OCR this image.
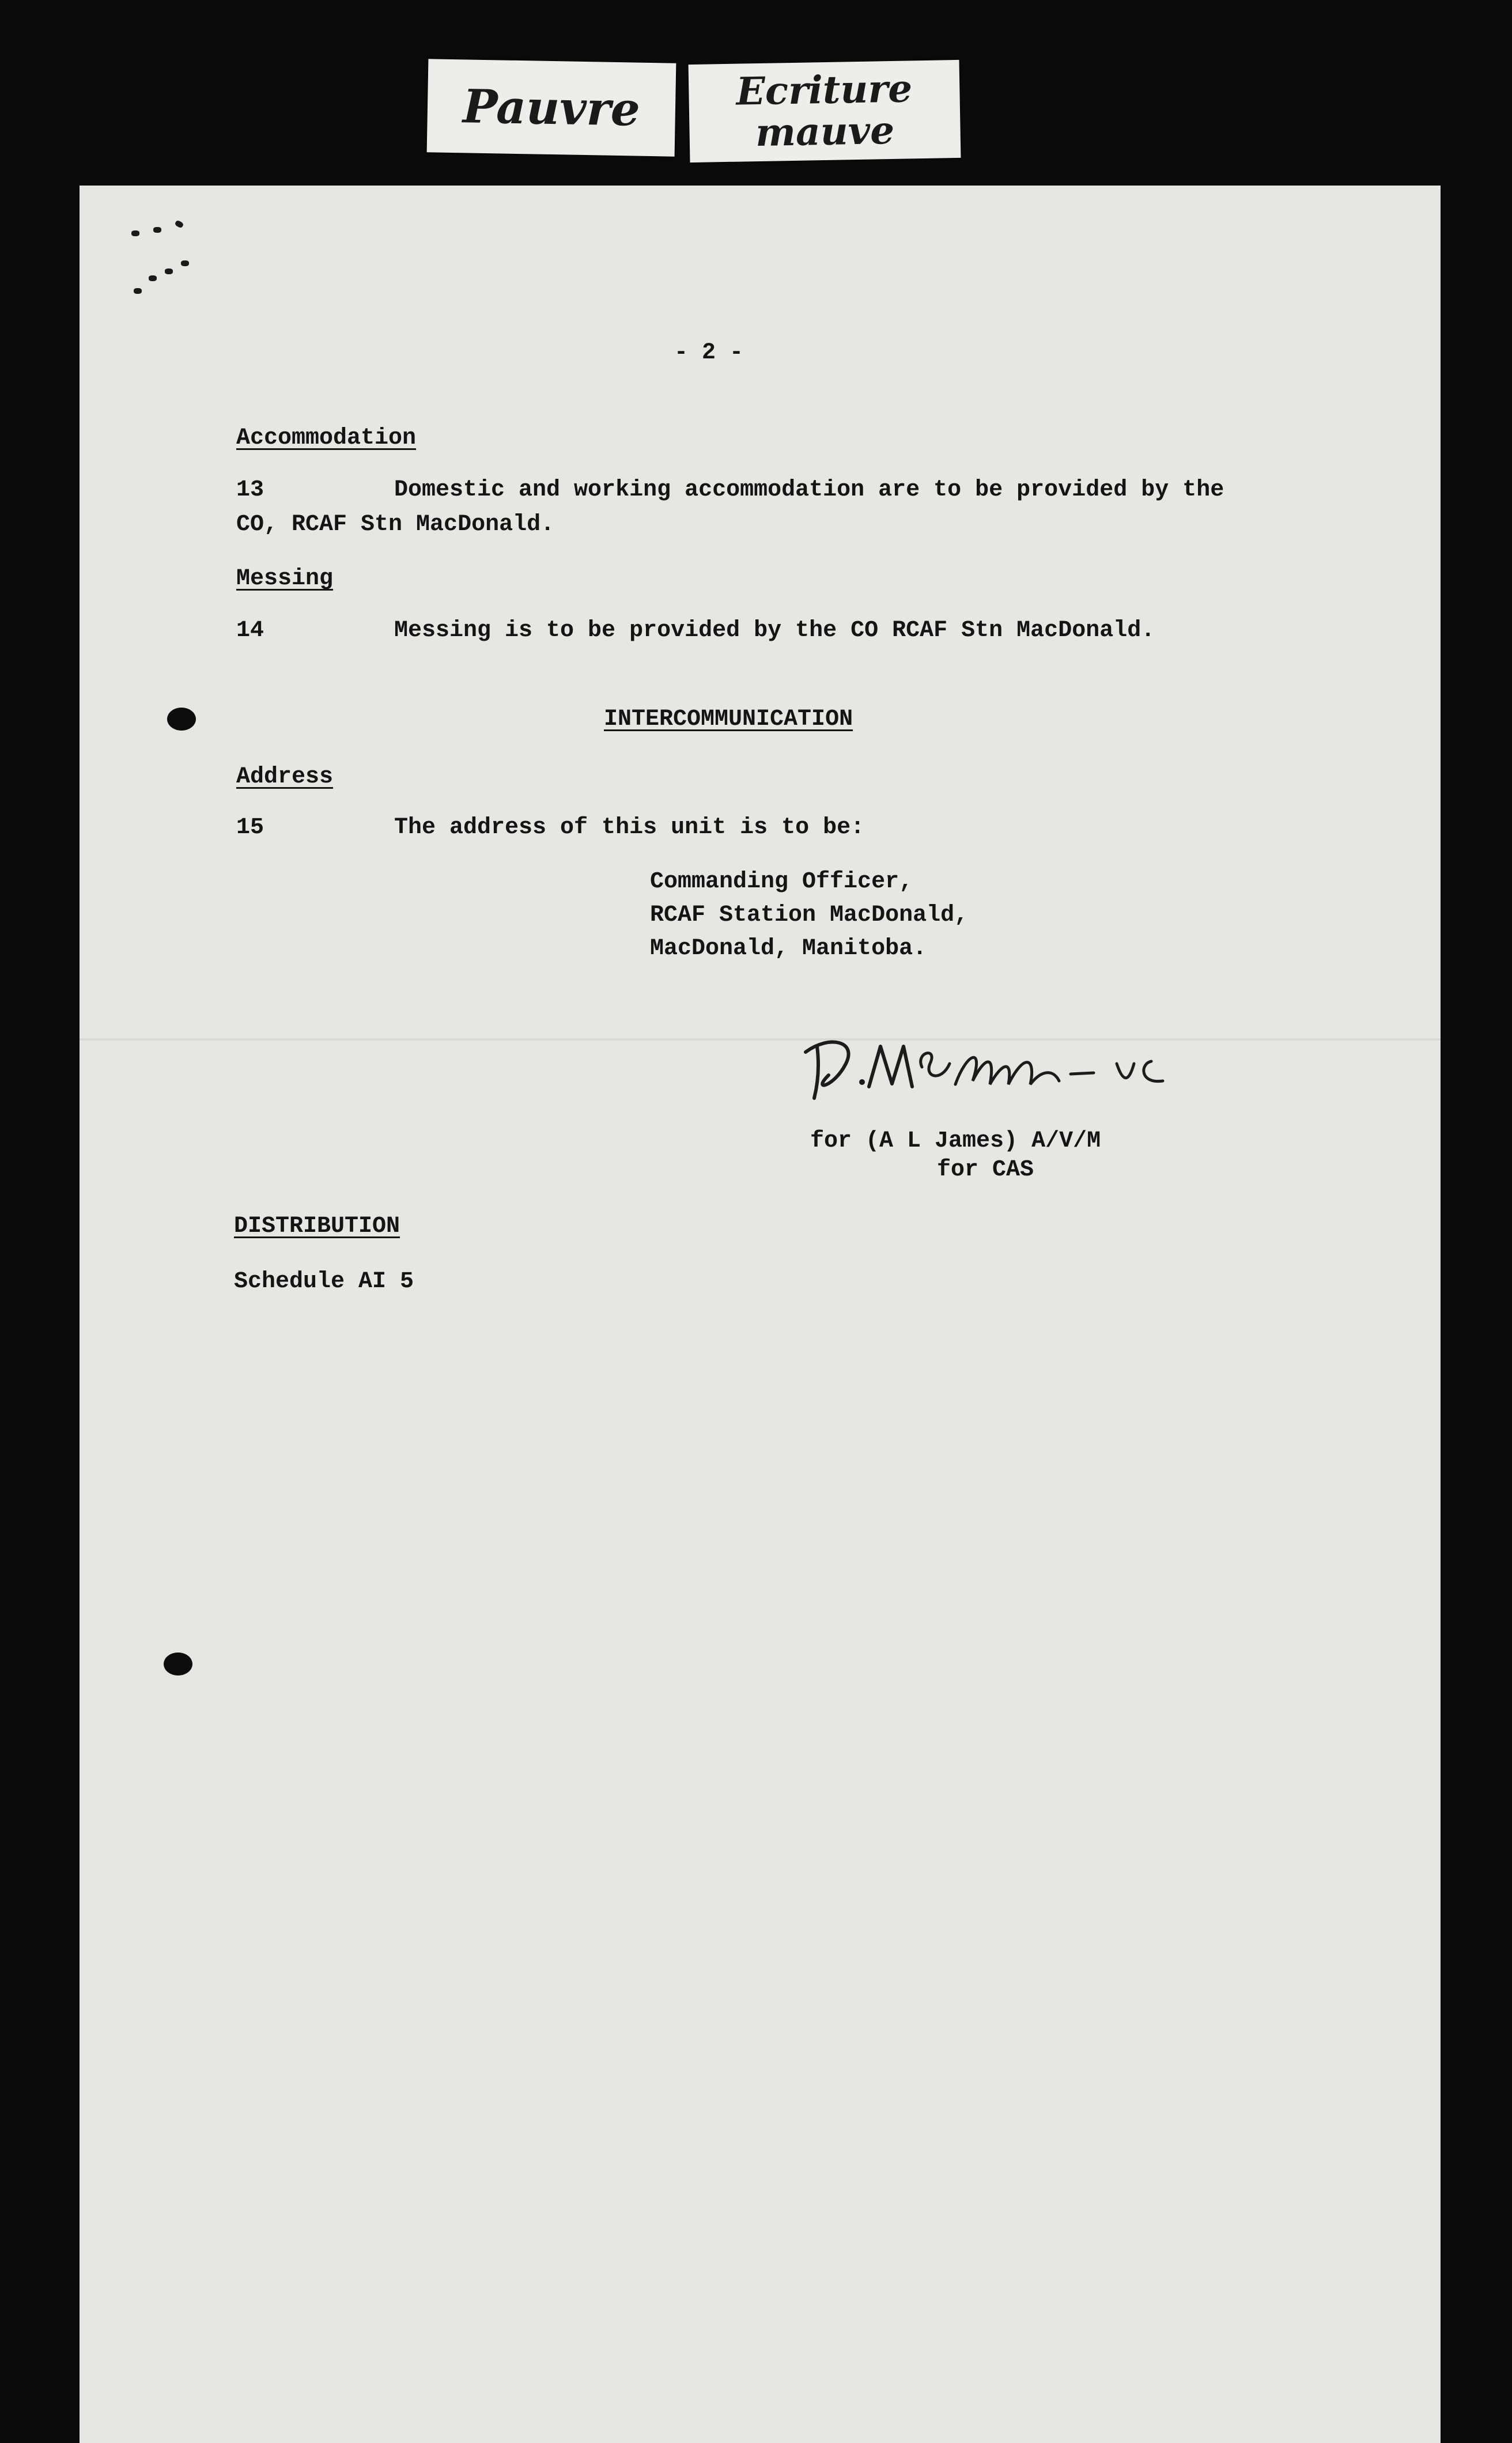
Pauvre	Ecriture
mauve
- 2 -
Accommodation
13	Domestic and working accommodation are to be provided by the
CO, RCAF Stn MacDonald.
Messing
14	Messing is to be provided by the CO RCAF Stn MacDonald.
INTERCOMMUNICATION
Address
15	The address of this unit is to be:
Commanding Officer,
RCAF Station MacDonald,
MacDonald, Manitoba.
for (A L James) A/V/M
for CAS
DISTRIBUTION
Schedule AI 5
